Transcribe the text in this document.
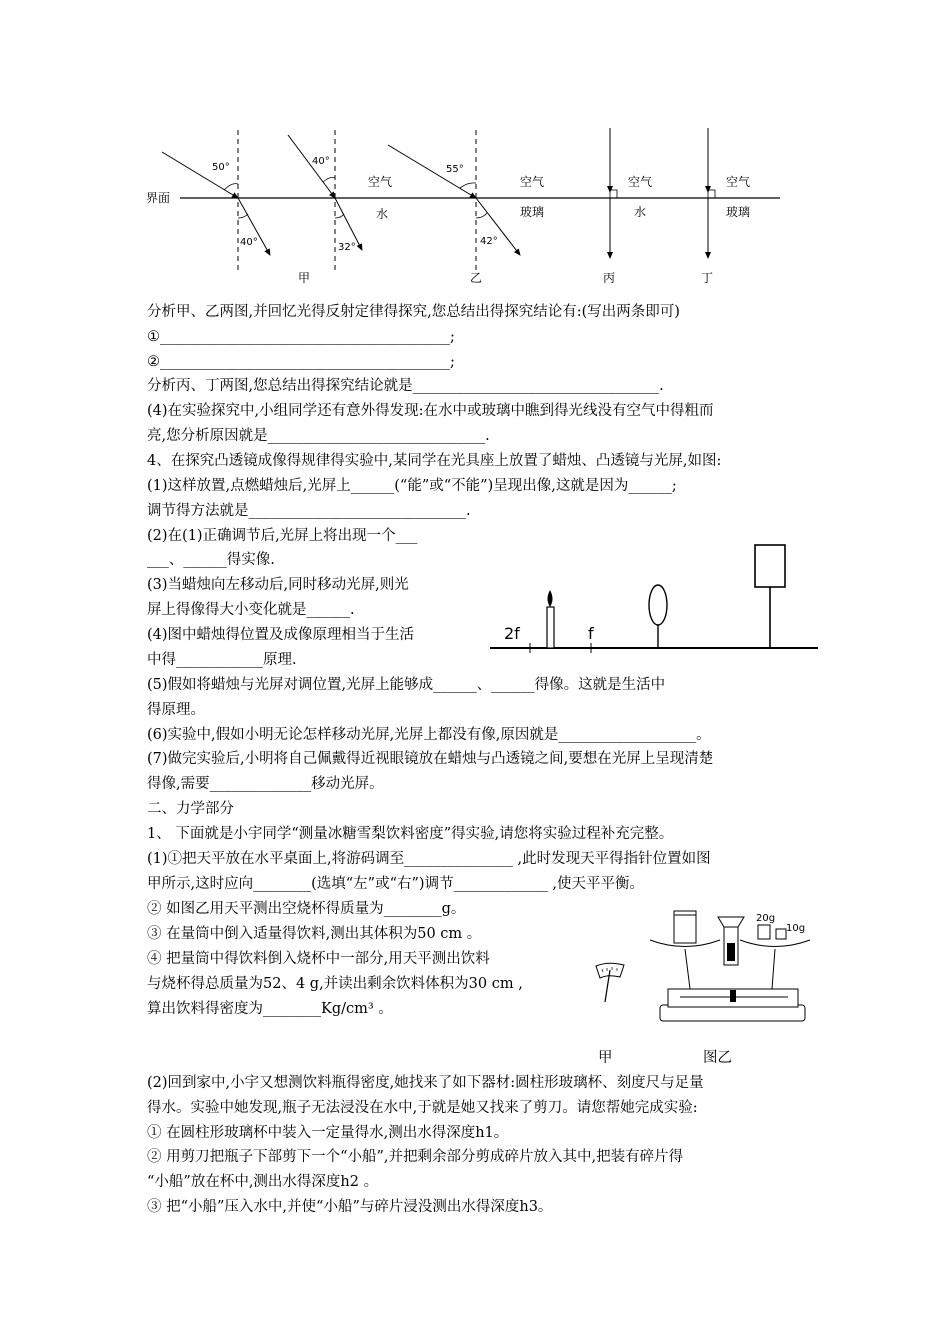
界面
50°
40°
40°
32°
空气
水
甲
55°
42°
空气
玻璃
乙
空气
水
丙
空气
玻璃
丁
分析甲、乙两图,并回忆光得反射定律得探究,您总结出得探究结论有:(写出两条即可)
①________________________________________;
②________________________________________;
分析丙、丁两图,您总结出得探究结论就是__________________________________.
(4)在实验探究中,小组同学还有意外得发现:在水中或玻璃中瞧到得光线没有空气中得粗而
亮,您分析原因就是______________________________.
4、在探究凸透镜成像得规律得实验中,某同学在光具座上放置了蜡烛、凸透镜与光屏,如图:
(1)这样放置,点燃蜡烛后,光屏上______(“能”或“不能”)呈现出像,这就是因为______;
调节得方法就是______________________________.
(2)在(1)正确调节后,光屏上将出现一个___
___、______得实像.
(3)当蜡烛向左移动后,同时移动光屏,则光
屏上得像得大小变化就是______.
(4)图中蜡烛得位置及成像原理相当于生活
中得____________原理.
(5)假如将蜡烛与光屏对调位置,光屏上能够成______、______得像。这就是生活中
得原理。
(6)实验中,假如小明无论怎样移动光屏,光屏上都没有像,原因就是___________________。
(7)做完实验后,小明将自己佩戴得近视眼镜放在蜡烛与凸透镜之间,要想在光屏上呈现清楚
得像,需要______________移动光屏。
二、力学部分
1、 下面就是小宇同学“测量冰糖雪梨饮料密度”得实验,请您将实验过程补充完整。
(1)①把天平放在水平桌面上,将游码调至_______________ ,此时发现天平得指针位置如图
甲所示,这时应向________(选填“左”或“右”)调节_____________ ,使天平平衡。
② 如图乙用天平测出空烧杯得质量为________g。
③ 在量筒中倒入适量得饮料,测出其体积为50 cm 。
④ 把量筒中得饮料倒入烧杯中一部分,用天平测出饮料
与烧杯得总质量为52、4 g,并读出剩余饮料体积为30 cm ,
算出饮料得密度为________Kg/cm³ 。
(2)回到家中,小宇又想测饮料瓶得密度,她找来了如下器材:圆柱形玻璃杯、刻度尺与足量
得水。实验中她发现,瓶子无法浸没在水中,于就是她又找来了剪刀。请您帮她完成实验:
① 在圆柱形玻璃杯中装入一定量得水,测出水得深度h1。
② 用剪刀把瓶子下部剪下一个“小船”,并把剩余部分剪成碎片放入其中,把装有碎片得
“小船”放在杯中,测出水得深度h2 。
③ 把“小船”压入水中,并使“小船”与碎片浸没测出水得深度h3。
2f	f
20g
10g
甲	图乙
